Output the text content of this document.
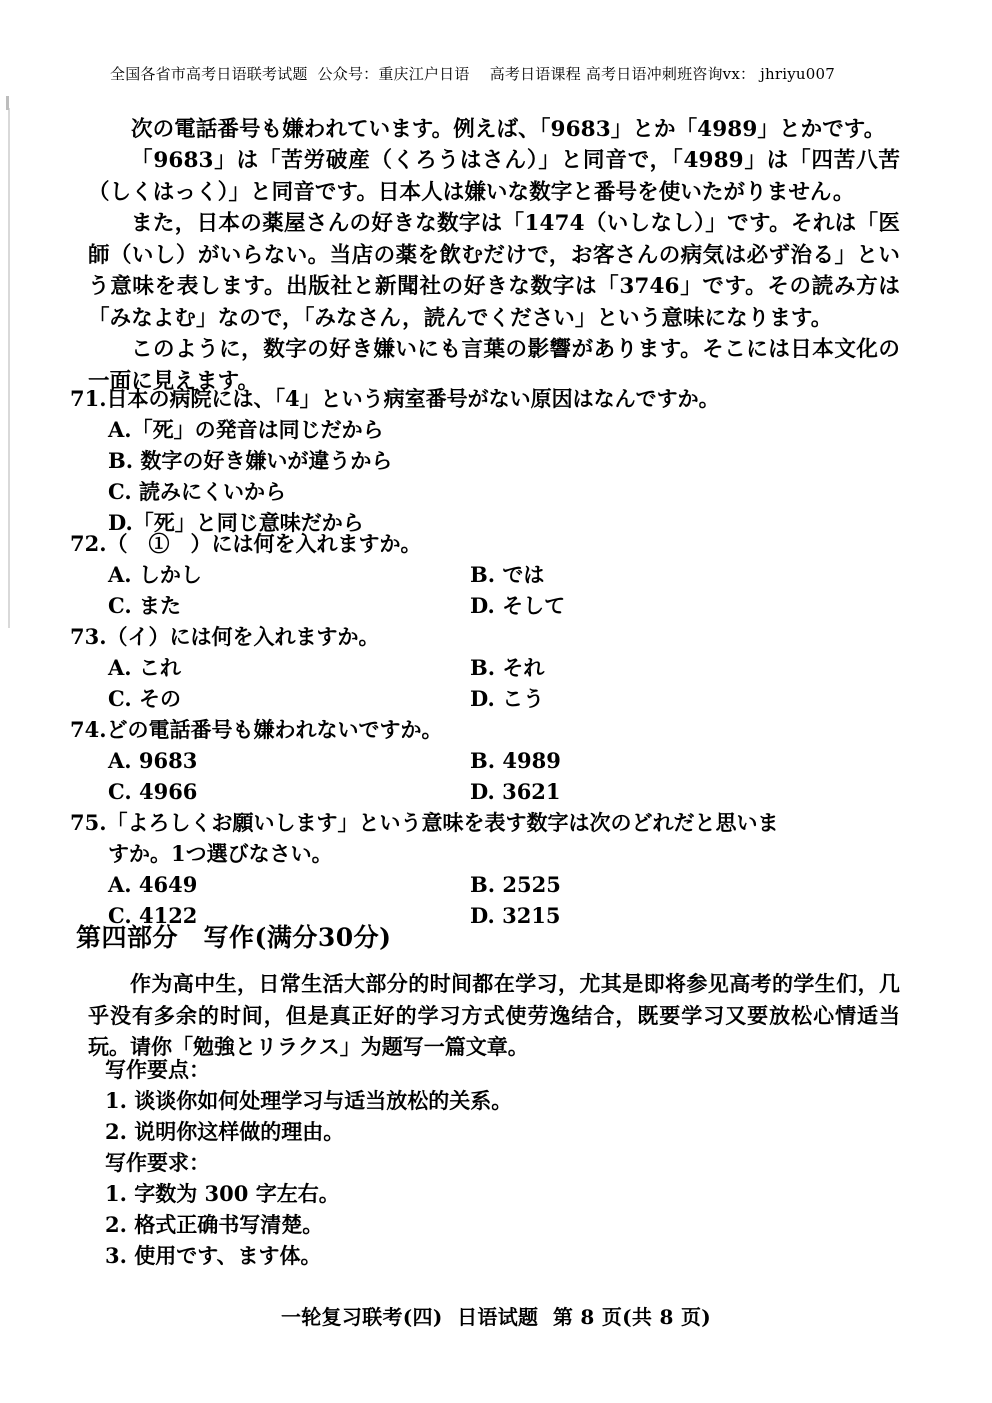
全国各省市高考日语联考试题  公众号：重庆江户日语　 高考日语课程 高考日语冲刺班咨询vx： jhriyu007

次の電話番号も嫌われています。例えば、「9683」とか「4989」とかです。

「9683」は「苦労破産（くろうはさん）」と同音で，「4989」は「四苦八苦（しくはっく）」と同音です。日本人は嫌いな数字と番号を使いたがりません。

また，日本の薬屋さんの好きな数字は「1474（いしなし）」です。それは「医師（いし）がいらない。当店の薬を飲むだけで，お客さんの病気は必ず治る」という意味を表します。出版社と新聞社の好きな数字は「3746」です。その読み方は「みなよむ」なので，「みなさん，読んでください」という意味になります。

このように，数字の好き嫌いにも言葉の影響があります。そこには日本文化の一面に見えます。

71.日本の病院には、「4」という病室番号がない原因はなんですか。
A.「死」の発音は同じだから
B. 数字の好き嫌いが違うから
C. 読みにくいから
D.「死」と同じ意味だから
72.（　①　）には何を入れますか。
A. しかし	B. では
C. また	D. そして
73.（イ）には何を入れますか。
A. これ	B. それ
C. その	D. こう
74.どの電話番号も嫌われないですか。
A. 9683	B. 4989
C. 4966	D. 3621
75.「よろしくお願いします」という意味を表す数字は次のどれだと思いま
すか。1つ選びなさい。
A. 4649	B. 2525
C. 4122	D. 3215
第四部分　写作(满分30分)

作为高中生，日常生活大部分的时间都在学习，尤其是即将参见高考的学生们，几乎没有多余的时间，但是真正好的学习方式使劳逸结合，既要学习又要放松心情适当玩。请你「勉強とリラクス」为题写一篇文章。

写作要点：
1. 谈谈你如何处理学习与适当放松的关系。
2. 说明你这样做的理由。
写作要求：
1. 字数为 300 字左右。
2. 格式正确书写清楚。
3. 使用です、ます体。
一轮复习联考(四)  日语试题  第 8 页(共 8 页)
